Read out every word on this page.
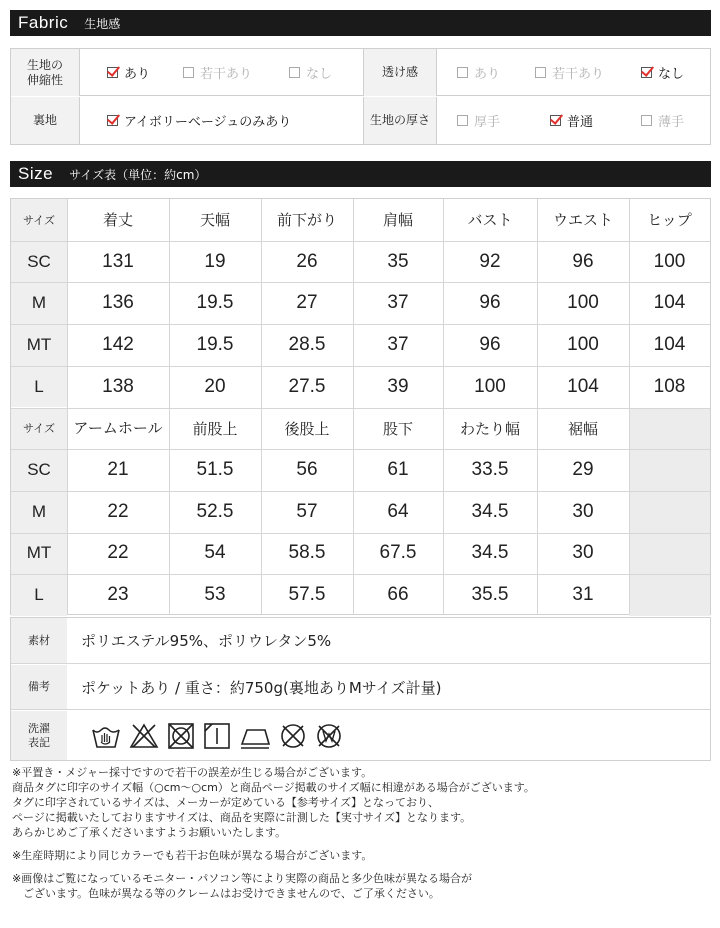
Fabric 生地感
生地の
伸縮性	あり	若干あり	なし	透け感	あり	若干あり	なし
裏地	アイボリーベージュのみあり	生地の厚さ	厚手	普通	薄手
Size サイズ表（単位：約cm）
サイズ	着丈	天幅	前下がり	肩幅	バスト	ウエスト	ヒップ
SC	131	19	26	35	92	96	100
M	136	19.5	27	37	96	100	104
MT	142	19.5	28.5	37	96	100	104
L	138	20	27.5	39	100	104	108
サイズ	アーム ホール	前股上	後股上	股下	わたり幅	裾幅
SC	21	51.5	56	61	33.5	29
M	22	52.5	57	64	34.5	30
MT	22	54	58.5	67.5	34.5	30
L	23	53	57.5	66	35.5	31
素材	ポリエステル95%、ポリウレタン5%
備考	ポケットあり / 重さ：約750g(裏地ありMサイズ計量)
洗濯
表記

※平置き・メジャー採寸ですので若干の誤差が生じる場合がございます。

商品タグに印字のサイズ幅（○cm〜○cm）と商品ページ掲載のサイズ幅に相違がある場合がございます。

タグに印字されているサイズは、メーカーが定めている【参考サイズ】となっており、

ページに掲載いたしておりますサイズは、商品を実際に計測した【実寸サイズ】となります。

あらかじめご了承くださいますようお願いいたします。

※生産時期により同じカラーでも若干お色味が異なる場合がございます。

※画像はご覧になっているモニター・パソコン等により実際の商品と多少色味が異なる場合が

　ございます。色味が異なる等のクレームはお受けできませんので、ご了承ください。
